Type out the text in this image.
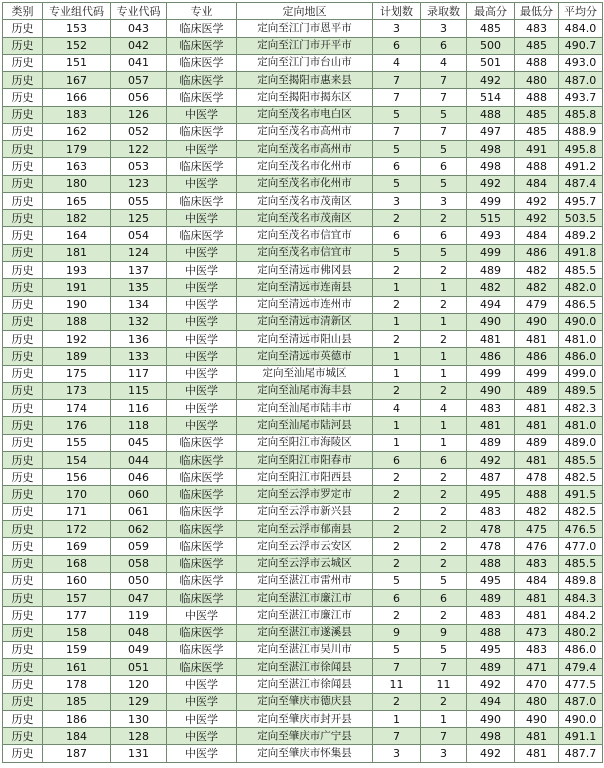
类别	专业组代码	专业代码	专业	定向地区	计划数	录取数	最高分	最低分	平均分
历史	153	043	临床医学	定向至江门市恩平市	3	3	485	483	484.0
历史	152	042	临床医学	定向至江门市开平市	6	6	500	485	490.7
历史	151	041	临床医学	定向至江门市台山市	4	4	501	488	493.0
历史	167	057	临床医学	定向至揭阳市惠来县	7	7	492	480	487.0
历史	166	056	临床医学	定向至揭阳市揭东区	7	7	514	488	493.7
历史	183	126	中医学	定向至茂名市电白区	5	5	488	485	485.8
历史	162	052	临床医学	定向至茂名市高州市	7	7	497	485	488.9
历史	179	122	中医学	定向至茂名市高州市	5	5	498	491	495.8
历史	163	053	临床医学	定向至茂名市化州市	6	6	498	488	491.2
历史	180	123	中医学	定向至茂名市化州市	5	5	492	484	487.4
历史	165	055	临床医学	定向至茂名市茂南区	3	3	499	492	495.7
历史	182	125	中医学	定向至茂名市茂南区	2	2	515	492	503.5
历史	164	054	临床医学	定向至茂名市信宜市	6	6	493	484	489.2
历史	181	124	中医学	定向至茂名市信宜市	5	5	499	486	491.8
历史	193	137	中医学	定向至清远市佛冈县	2	2	489	482	485.5
历史	191	135	中医学	定向至清远市连南县	1	1	482	482	482.0
历史	190	134	中医学	定向至清远市连州市	2	2	494	479	486.5
历史	188	132	中医学	定向至清远市清新区	1	1	490	490	490.0
历史	192	136	中医学	定向至清远市阳山县	2	2	481	481	481.0
历史	189	133	中医学	定向至清远市英德市	1	1	486	486	486.0
历史	175	117	中医学	定向至汕尾市城区	1	1	499	499	499.0
历史	173	115	中医学	定向至汕尾市海丰县	2	2	490	489	489.5
历史	174	116	中医学	定向至汕尾市陆丰市	4	4	483	481	482.3
历史	176	118	中医学	定向至汕尾市陆河县	1	1	481	481	481.0
历史	155	045	临床医学	定向至阳江市海陵区	1	1	489	489	489.0
历史	154	044	临床医学	定向至阳江市阳春市	6	6	492	481	485.5
历史	156	046	临床医学	定向至阳江市阳西县	2	2	487	478	482.5
历史	170	060	临床医学	定向至云浮市罗定市	2	2	495	488	491.5
历史	171	061	临床医学	定向至云浮市新兴县	2	2	483	482	482.5
历史	172	062	临床医学	定向至云浮市郁南县	2	2	478	475	476.5
历史	169	059	临床医学	定向至云浮市云安区	2	2	478	476	477.0
历史	168	058	临床医学	定向至云浮市云城区	2	2	488	483	485.5
历史	160	050	临床医学	定向至湛江市雷州市	5	5	495	484	489.8
历史	157	047	临床医学	定向至湛江市廉江市	6	6	489	481	484.3
历史	177	119	中医学	定向至湛江市廉江市	2	2	483	481	484.2
历史	158	048	临床医学	定向至湛江市遂溪县	9	9	488	473	480.2
历史	159	049	临床医学	定向至湛江市吴川市	5	5	495	483	486.0
历史	161	051	临床医学	定向至湛江市徐闻县	7	7	489	471	479.4
历史	178	120	中医学	定向至湛江市徐闻县	11	11	492	470	477.5
历史	185	129	中医学	定向至肇庆市德庆县	2	2	494	480	487.0
历史	186	130	中医学	定向至肇庆市封开县	1	1	490	490	490.0
历史	184	128	中医学	定向至肇庆市广宁县	7	7	498	481	491.1
历史	187	131	中医学	定向至肇庆市怀集县	3	3	492	481	487.7
